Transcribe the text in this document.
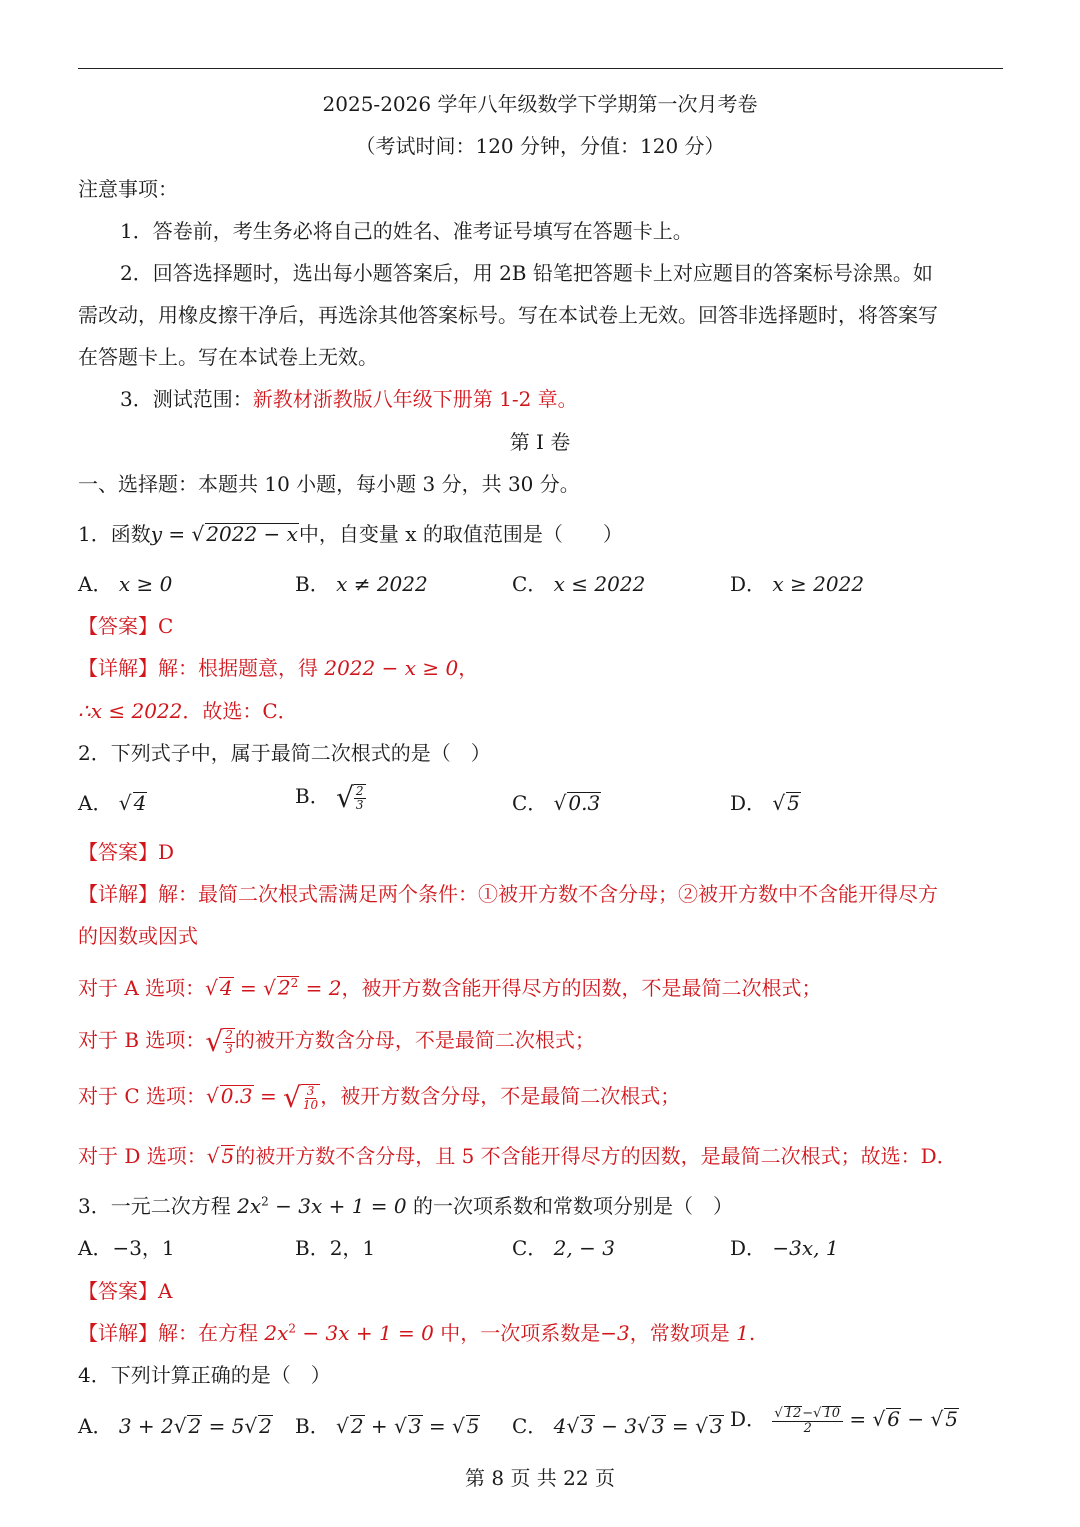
2025-2026 学年八年级数学下学期第一次月考卷
（考试时间：120 分钟，分值：120 分）
注意事项：
1．答卷前，考生务必将自己的姓名、准考证号填写在答题卡上。
2．回答选择题时，选出每小题答案后，用 2B 铅笔把答题卡上对应题目的答案标号涂黑。如
需改动，用橡皮擦干净后，再选涂其他答案标号。写在本试卷上无效。回答非选择题时，将答案写
在答题卡上。写在本试卷上无效。
3．测试范围：新教材浙教版八年级下册第 1-2 章。
第 I 卷
一、选择题：本题共 10 小题，每小题 3 分，共 30 分。
1．函数y = √ 2022 − x中，自变量 x 的取值范围是（　　）
A． x ≥ 0	B． x ≠ 2022	C． x ≤ 2022	D． x ≥ 2022
【答案】C
【详解】解：根据题意，得 2022 − x ≥ 0，
∴x ≤ 2022．故选：C．
2．下列式子中，属于最简二次根式的是（　）
A． √ 4	B． √ $\frac{2}{3}$	C． √ 0.3	D． √ 5
【答案】D
【详解】解：最简二次根式需满足两个条件：①被开方数不含分母；②被开方数中不含能开得尽方
的因数或因式
对于 A 选项：√ 4 = √ $2^2 = 2$，被开方数含能开得尽方的因数，不是最简二次根式；
对于 B 选项：√ $\frac{2}{3}$ 的被开方数含分母，不是最简二次根式；
对于 C 选项：√ 0.3 = √ $\frac{3}{10}$ ，被开方数含分母，不是最简二次根式；
对于 D 选项：√ 5的被开方数不含分母，且 5 不含能开得尽方的因数，是最简二次根式；故选：D．
3．一元二次方程 $2x^2 - 3x + 1 = 0$ 的一次项系数和常数项分别是（　）
A．−3，1	B．2，1	C． 2, − 3	D． −3x, 1
【答案】A
【详解】解：在方程 $2x^2 - 3x + 1 = 0$ 中，一次项系数是−3，常数项是 1.
4．下列计算正确的是（　）
A． 3 + 2√ 2 = 5√ 2 B． √ 2 + √ 3 = √ 5 C． 4√ 3 − 3√ 3 = √ 3 D． $\frac{√ 12-√ 10}{2}$ = √ 6 − √ 5
第 8 页 共 22 页
